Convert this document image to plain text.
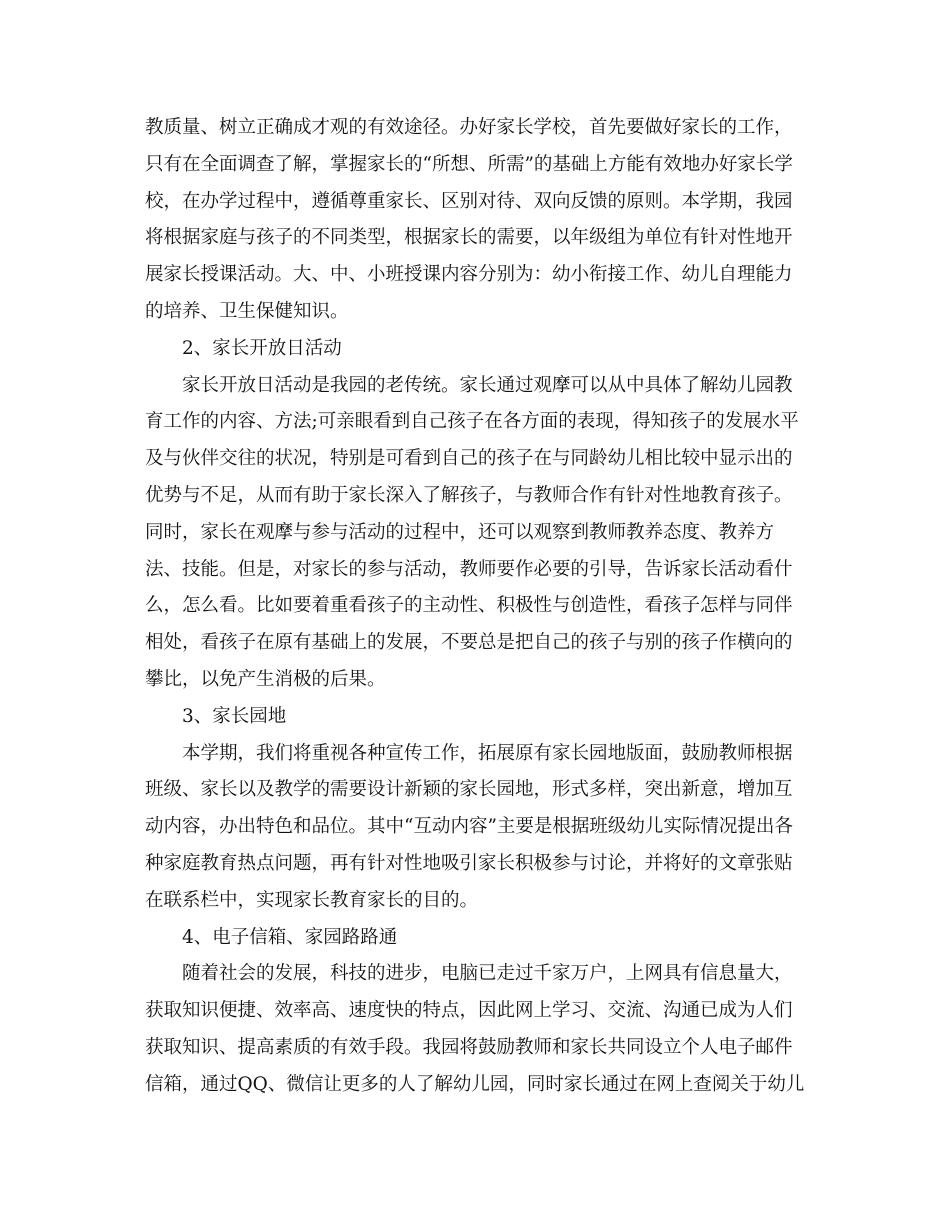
教质量、树立正确成才观的有效途径。办好家长学校，首先要做好家长的工作，
只有在全面调查了解，掌握家长的“所想、所需”的基础上方能有效地办好家长学
校，在办学过程中，遵循尊重家长、区别对待、双向反馈的原则。本学期，我园
将根据家庭与孩子的不同类型，根据家长的需要，以年级组为单位有针对性地开
展家长授课活动。大、中、小班授课内容分别为：幼小衔接工作、幼儿自理能力
的培养、卫生保健知识。
2、家长开放日活动
家长开放日活动是我园的老传统。家长通过观摩可以从中具体了解幼儿园教
育工作的内容、方法;可亲眼看到自己孩子在各方面的表现，得知孩子的发展水平
及与伙伴交往的状况，特别是可看到自己的孩子在与同龄幼儿相比较中显示出的
优势与不足，从而有助于家长深入了解孩子，与教师合作有针对性地教育孩子。
同时，家长在观摩与参与活动的过程中，还可以观察到教师教养态度、教养方
法、技能。但是，对家长的参与活动，教师要作必要的引导，告诉家长活动看什
么，怎么看。比如要着重看孩子的主动性、积极性与创造性，看孩子怎样与同伴
相处，看孩子在原有基础上的发展，不要总是把自己的孩子与别的孩子作横向的
攀比，以免产生消极的后果。
3、家长园地
本学期，我们将重视各种宣传工作，拓展原有家长园地版面，鼓励教师根据
班级、家长以及教学的需要设计新颖的家长园地，形式多样，突出新意，增加互
动内容，办出特色和品位。其中“互动内容”主要是根据班级幼儿实际情况提出各
种家庭教育热点问题，再有针对性地吸引家长积极参与讨论，并将好的文章张贴
在联系栏中，实现家长教育家长的目的。
4、电子信箱、家园路路通
随着社会的发展，科技的进步，电脑已走过千家万户，上网具有信息量大，
获取知识便捷、效率高、速度快的特点，因此网上学习、交流、沟通已成为人们
获取知识、提高素质的有效手段。我园将鼓励教师和家长共同设立个人电子邮件
信箱，通过QQ、微信让更多的人了解幼儿园，同时家长通过在网上查阅关于幼儿
